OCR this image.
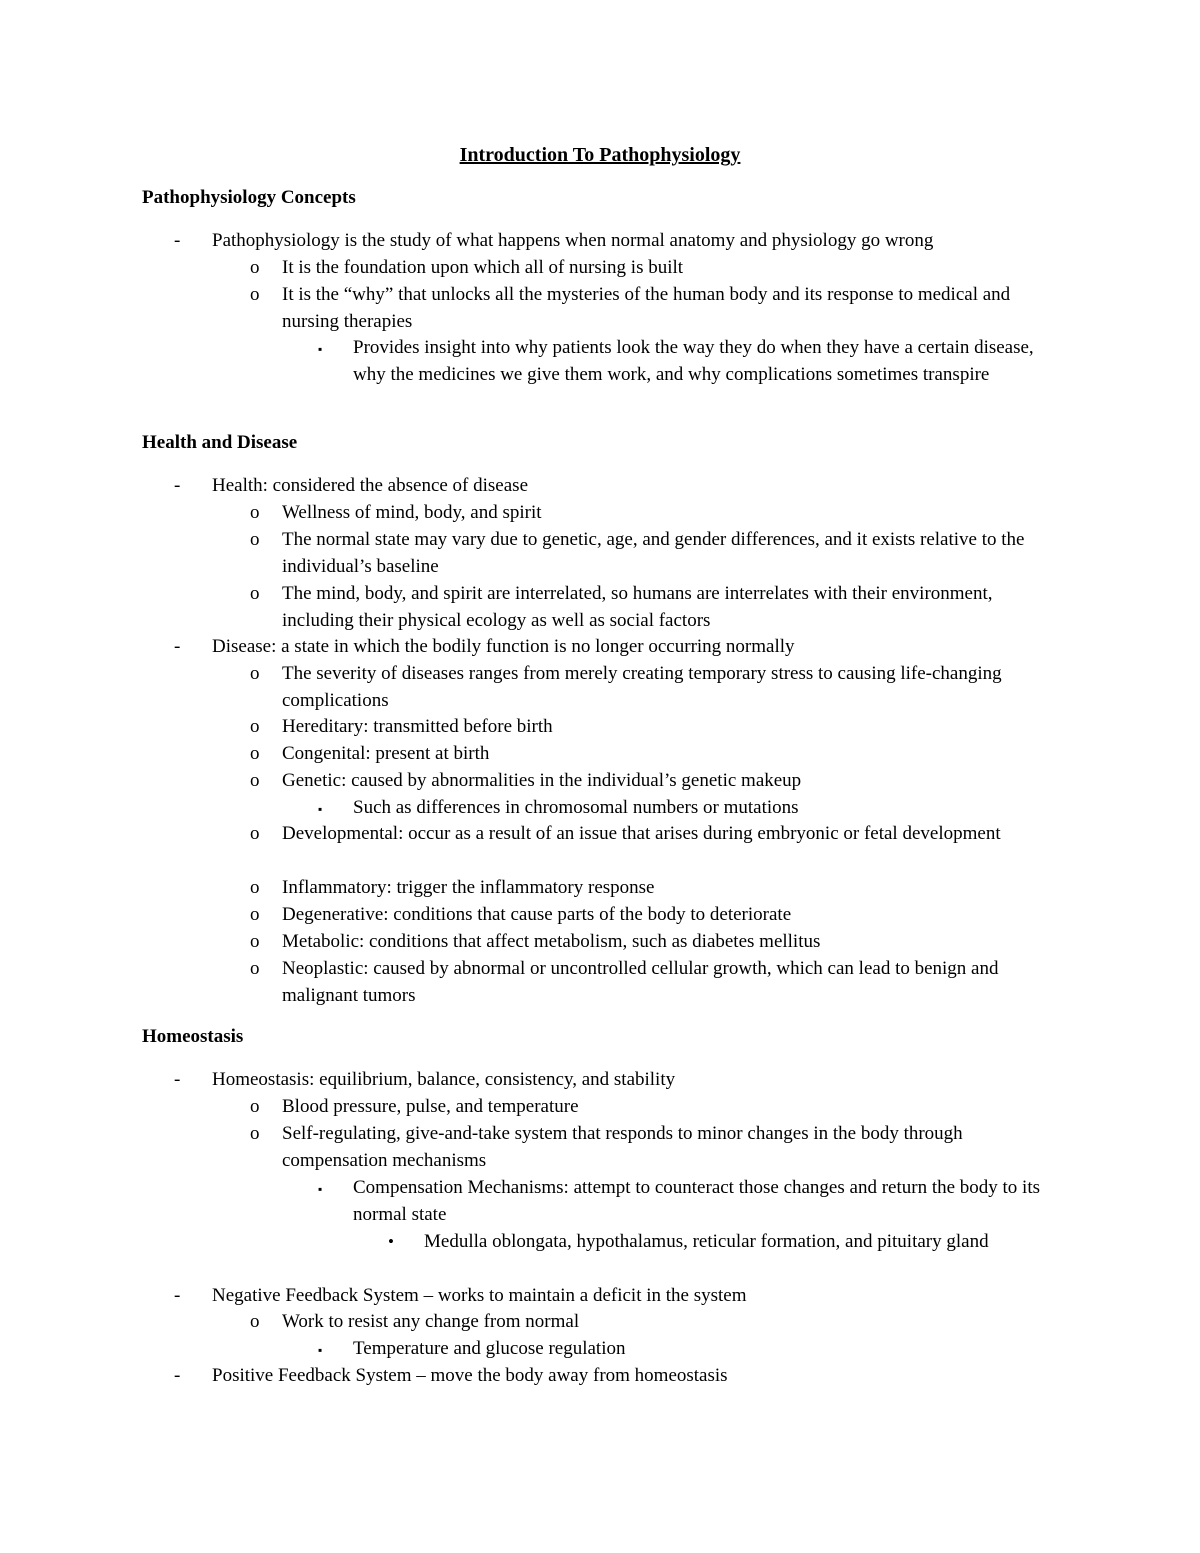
Introduction To Pathophysiology
Pathophysiology Concepts
- Pathophysiology is the study of what happens when normal anatomy and physiology go wrong
o It is the foundation upon which all of nursing is built
o It is the “why” that unlocks all the mysteries of the human body and its response to medical and nursing therapies
▪ Provides insight into why patients look the way they do when they have a certain disease, why the medicines we give them work, and why complications sometimes transpire
Health and Disease
- Health: considered the absence of disease
o Wellness of mind, body, and spirit
o The normal state may vary due to genetic, age, and gender differences, and it exists relative to the individual’s baseline
o The mind, body, and spirit are interrelated, so humans are interrelates with their environment, including their physical ecology as well as social factors
- Disease: a state in which the bodily function is no longer occurring normally
o The severity of diseases ranges from merely creating temporary stress to causing life-changing complications
o Hereditary: transmitted before birth
o Congenital: present at birth
o Genetic: caused by abnormalities in the individual’s genetic makeup
▪ Such as differences in chromosomal numbers or mutations
o Developmental: occur as a result of an issue that arises during embryonic or fetal development
o Inflammatory: trigger the inflammatory response
o Degenerative: conditions that cause parts of the body to deteriorate
o Metabolic: conditions that affect metabolism, such as diabetes mellitus
o Neoplastic: caused by abnormal or uncontrolled cellular growth, which can lead to benign and malignant tumors
Homeostasis
- Homeostasis: equilibrium, balance, consistency, and stability
o Blood pressure, pulse, and temperature
o Self-regulating, give-and-take system that responds to minor changes in the body through compensation mechanisms
▪ Compensation Mechanisms: attempt to counteract those changes and return the body to its normal state
• Medulla oblongata, hypothalamus, reticular formation, and pituitary gland
- Negative Feedback System – works to maintain a deficit in the system
o Work to resist any change from normal
▪ Temperature and glucose regulation
- Positive Feedback System – move the body away from homeostasis
